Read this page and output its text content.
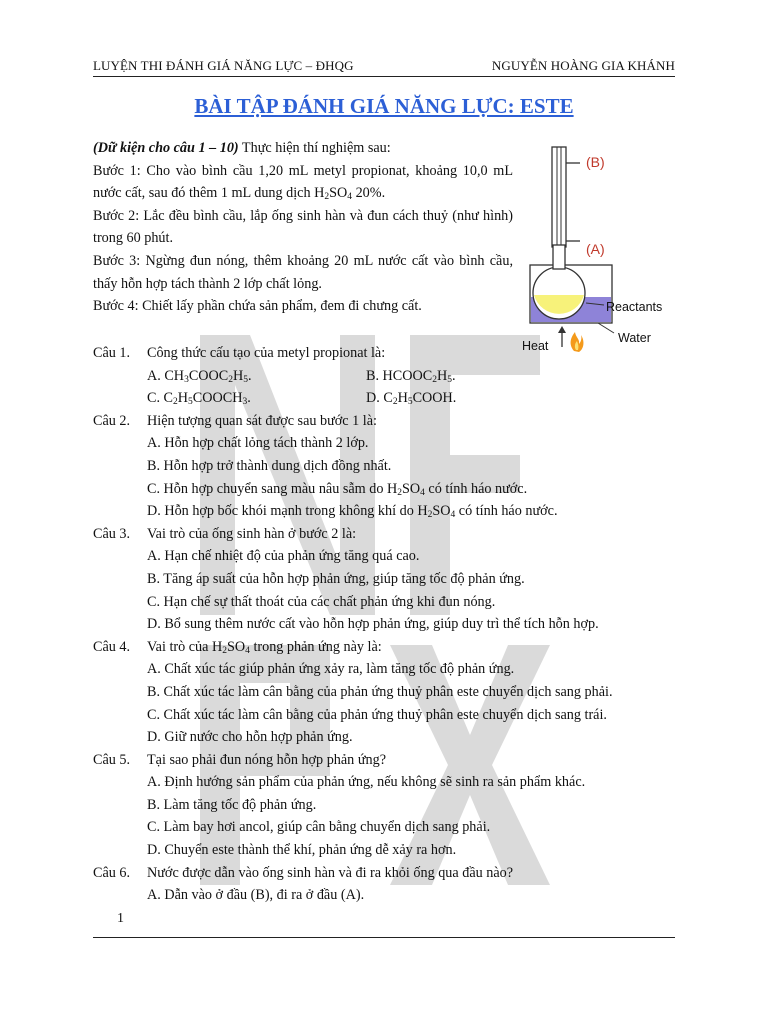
LUYỆN THI ĐÁNH GIÁ NĂNG LỰC – ĐHQG	NGUYỄN HOÀNG GIA KHÁNH
BÀI TẬP ĐÁNH GIÁ NĂNG LỰC: ESTE

(Dữ kiện cho câu 1 – 10) Thực hiện thí nghiệm sau:

Bước 1: Cho vào bình cầu 1,20 mL metyl propionat, khoảng 10,0 mL nước cất, sau đó thêm 1 mL dung dịch $H_2SO_4$ 20%.

Bước 2: Lắc đều bình cầu, lắp ống sinh hàn và đun cách thuỷ (như hình) trong 60 phút.

Bước 3: Ngừng đun nóng, thêm khoảng 20 mL nước cất vào bình cầu, thấy hỗn hợp tách thành 2 lớp chất lỏng.

Bước 4: Chiết lấy phần chứa sản phẩm, đem đi chưng cất.

(B)
(A)
Reactants
Water
Heat
Câu 1. Công thức cấu tạo của metyl propionat là:
A. $CH_3COOC_2H_5$.	B. $HCOOC_2H_5$.
C. $C_2H_5COOCH_3$.	D. $C_2H_5COOH$.
Câu 2. Hiện tượng quan sát được sau bước 1 là:
A. Hỗn hợp chất lỏng tách thành 2 lớp.
B. Hỗn hợp trở thành dung dịch đồng nhất.
C. Hỗn hợp chuyển sang màu nâu sẫm do $H_2SO_4$ có tính háo nước.
D. Hỗn hợp bốc khói mạnh trong không khí do $H_2SO_4$ có tính háo nước.
Câu 3. Vai trò của ống sinh hàn ở bước 2 là:
A. Hạn chế nhiệt độ của phản ứng tăng quá cao.
B. Tăng áp suất của hỗn hợp phản ứng, giúp tăng tốc độ phản ứng.
C. Hạn chế sự thất thoát của các chất phản ứng khi đun nóng.
D. Bổ sung thêm nước cất vào hỗn hợp phản ứng, giúp duy trì thể tích hỗn hợp.
Câu 4. Vai trò của $H_2SO_4$ trong phản ứng này là:
A. Chất xúc tác giúp phản ứng xảy ra, làm tăng tốc độ phản ứng.
B. Chất xúc tác làm cân bằng của phản ứng thuỷ phân este chuyển dịch sang phải.
C. Chất xúc tác làm cân bằng của phản ứng thuỷ phân este chuyển dịch sang trái.
D. Giữ nước cho hỗn hợp phản ứng.
Câu 5. Tại sao phải đun nóng hỗn hợp phản ứng?
A. Định hướng sản phẩm của phản ứng, nếu không sẽ sinh ra sản phẩm khác.
B. Làm tăng tốc độ phản ứng.
C. Làm bay hơi ancol, giúp cân bằng chuyển dịch sang phải.
D. Chuyển este thành thể khí, phản ứng dễ xảy ra hơn.
Câu 6. Nước được dẫn vào ống sinh hàn và đi ra khỏi ống qua đầu nào?
A. Dẫn vào ở đầu (B), đi ra ở đầu (A).
1
